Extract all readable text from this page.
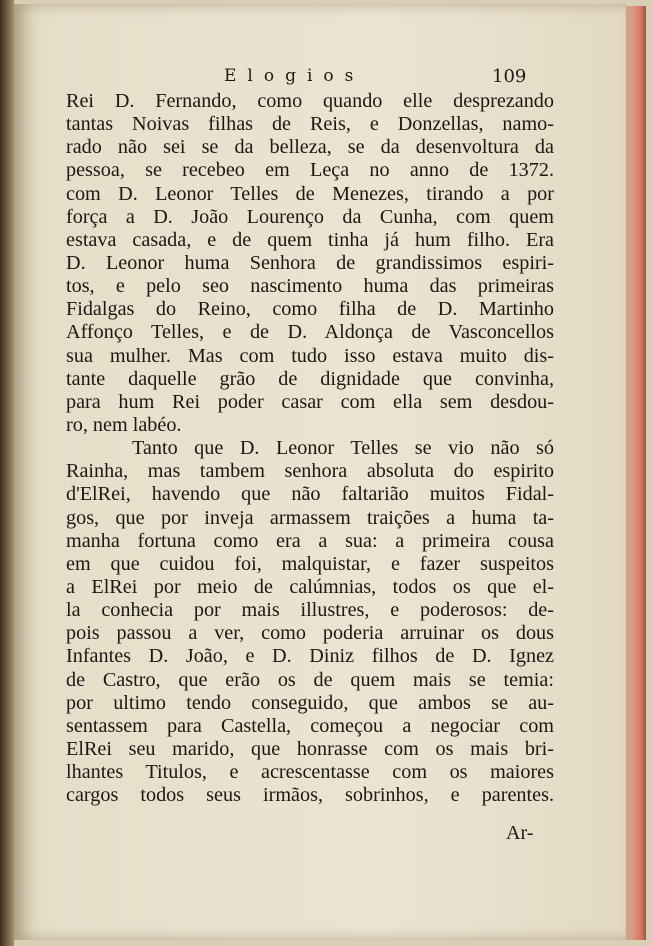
Elogios	109
Rei D. Fernando, como quando elle desprezando
tantas Noivas filhas de Reis, e Donzellas, namo-
rado não sei se da belleza, se da desenvoltura da
pessoa, se recebeo em Leça no anno de 1372.
com D. Leonor Telles de Menezes, tirando a por
força a D. João Lourenço da Cunha, com quem
estava casada, e de quem tinha já hum filho. Era
D. Leonor huma Senhora de grandissimos espiri-
tos, e pelo seo nascimento huma das primeiras
Fidalgas do Reino, como filha de D. Martinho
Affonço Telles, e de D. Aldonça de Vasconcellos
sua mulher. Mas com tudo isso estava muito dis-
tante daquelle grão de dignidade que convinha,
para hum Rei poder casar com ella sem desdou-
ro, nem labéo.
Tanto que D. Leonor Telles se vio não só
Rainha, mas tambem senhora absoluta do espirito
d'ElRei, havendo que não faltarião muitos Fidal-
gos, que por inveja armassem traições a huma ta-
manha fortuna como era a sua: a primeira cousa
em que cuidou foi, malquistar, e fazer suspeitos
a ElRei por meio de calúmnias, todos os que el-
la conhecia por mais illustres, e poderosos: de-
pois passou a ver, como poderia arruinar os dous
Infantes D. João, e D. Diniz filhos de D. Ignez
de Castro, que erão os de quem mais se temia:
por ultimo tendo conseguido, que ambos se au-
sentassem para Castella, começou a negociar com
ElRei seu marido, que honrasse com os mais bri-
lhantes Titulos, e acrescentasse com os maiores
cargos todos seus irmãos, sobrinhos, e parentes.
Ar-
